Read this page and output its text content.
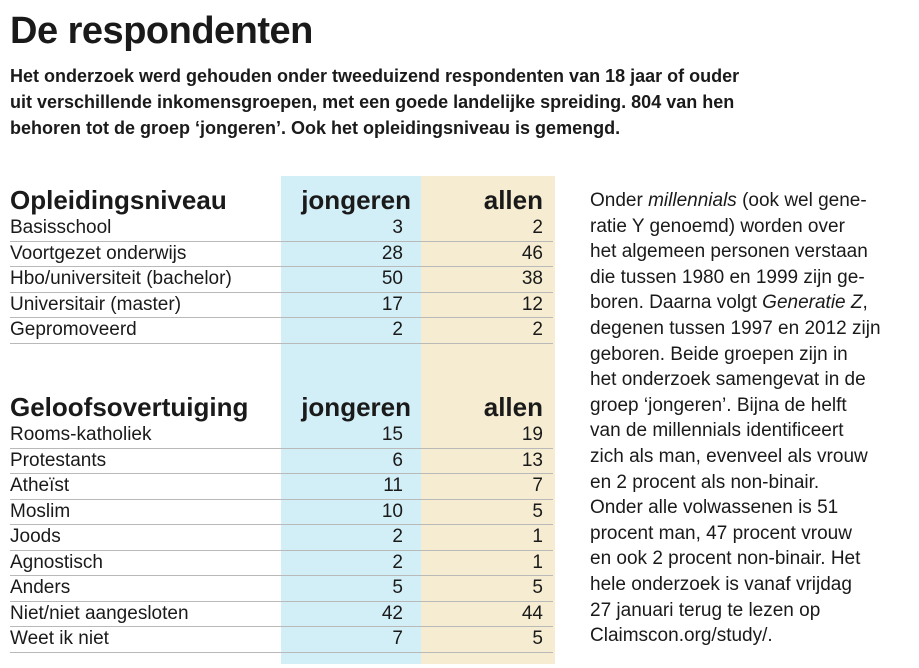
De respondenten
Het onderzoek werd gehouden onder tweeduizend respondenten van 18 jaar of ouder
uit verschillende inkomensgroepen, met een goede landelijke spreiding. 804 van hen
behoren tot de groep ‘jongeren’. Ook het opleidingsniveau is gemengd.
Opleidingsniveau	jongeren	allen
Basisschool	3	2
Voortgezet onderwijs	28	46
Hbo/universiteit (bachelor)	50	38
Universitair (master)	17	12
Gepromoveerd	2	2
Geloofsovertuiging	jongeren	allen
Rooms-katholiek	15	19
Protestants	6	13
Atheïst	11	7
Moslim	10	5
Joods	2	1
Agnostisch	2	1
Anders	5	5
Niet/niet aangesloten	42	44
Weet ik niet	7	5
Onder millennials (ook wel gene-
ratie Y genoemd) worden over
het algemeen personen verstaan
die tussen 1980 en 1999 zijn ge-
boren. Daarna volgt Generatie Z,
degenen tussen 1997 en 2012 zijn
geboren. Beide groepen zijn in
het onderzoek samengevat in de
groep ‘jongeren’. Bijna de helft
van de millennials identificeert
zich als man, evenveel als vrouw
en 2 procent als non-binair.
Onder alle volwassenen is 51
procent man, 47 procent vrouw
en ook 2 procent non-binair. Het
hele onderzoek is vanaf vrijdag
27 januari terug te lezen op
Claimscon.org/study/.
